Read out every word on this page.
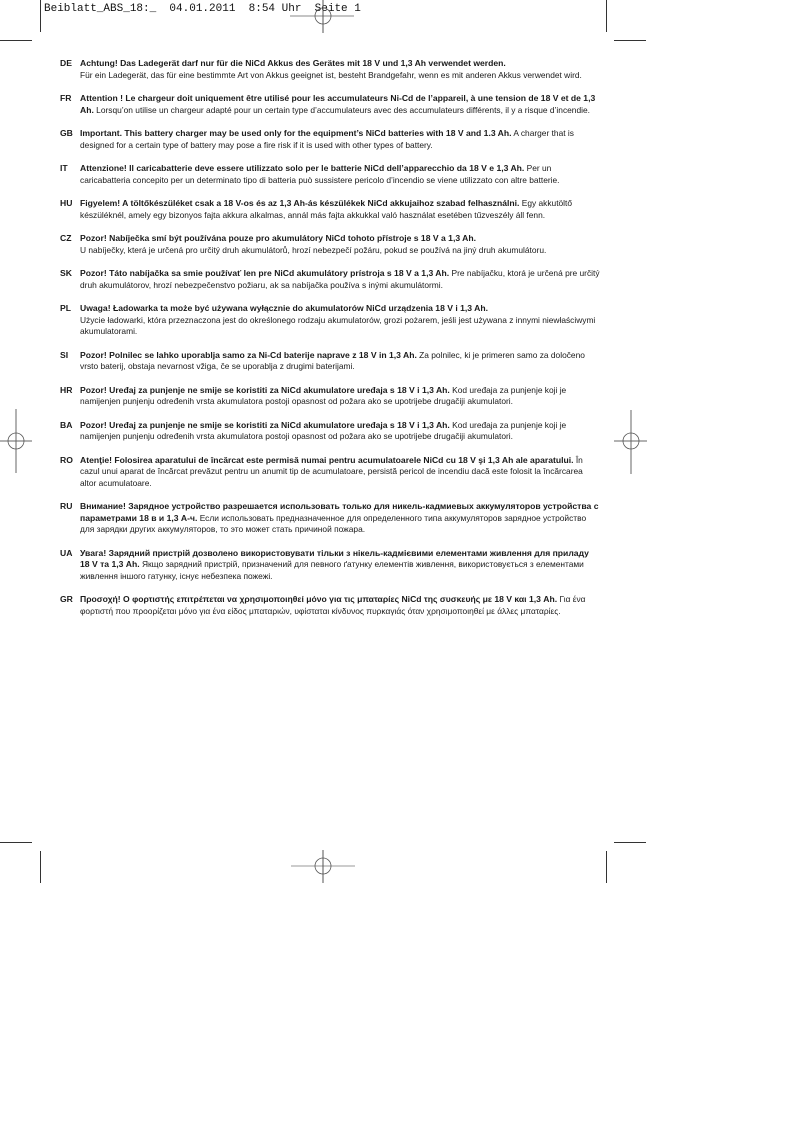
Beiblatt_ABS_18:_  04.01.2011  8:54 Uhr  Seite 1
DE Achtung! Das Ladegerät darf nur für die NiCd Akkus des Gerätes mit 18 V und 1,3 Ah verwendet werden.
Für ein Ladegerät, das für eine bestimmte Art von Akkus geeignet ist, besteht Brandgefahr, wenn es mit anderen Akkus verwendet wird.
FR Attention ! Le chargeur doit uniquement être utilisé pour les accumulateurs Ni-Cd de l’appareil, à une tension de 18 V et de 1,3 Ah. Lorsqu’on utilise un chargeur adapté pour un certain type d’accumulateurs avec des accumulateurs différents, il y a risque d’incendie.
GB Important. This battery charger may be used only for the equipment’s NiCd batteries with 18 V and 1.3 Ah. A charger that is designed for a certain type of battery may pose a fire risk if it is used with other types of battery.
IT Attenzione! Il caricabatterie deve essere utilizzato solo per le batterie NiCd dell’apparecchio da 18 V e 1,3 Ah. Per un caricabatteria concepito per un determinato tipo di batteria può sussistere pericolo d’incendio se viene utilizzato con altre batterie.
HU Figyelem! A töltőkészüléket csak a 18 V-os és az 1,3 Ah-ás készülékek NiCd akkujaihoz szabad felhasználni. Egy akkutöltő készüléknél, amely egy bizonyos fajta akkura alkalmas, annál más fajta akkukkal való használat esetében tűzveszély áll fenn.
CZ Pozor! Nabíječka smí být používána pouze pro akumulátory NiCd tohoto přístroje s 18 V a 1,3 Ah.
U nabíječky, která je určená pro určitý druh akumulátorů, hrozí nebezpečí požáru, pokud se používá na jiný druh akumulátoru.
SK Pozor! Táto nabíjačka sa smie používať len pre NiCd akumulátory prístroja s 18 V a 1,3 Ah. Pre nabíjačku, ktorá je určená pre určitý druh akumulátorov, hrozí nebezpečenstvo požiaru, ak sa nabíjačka používa s inými akumulátormi.
PL Uwaga! Ładowarka ta może być używana wyłącznie do akumulatorów NiCd urządzenia 18 V i 1,3 Ah.
Użycie ładowarki, która przeznaczona jest do określonego rodzaju akumulatorów, grozi pożarem, jeśli jest używana z innymi niewłaściwymi akumulatorami.
SI Pozor! Polnilec se lahko uporablja samo za Ni-Cd baterije naprave z 18 V in 1,3 Ah. Za polnilec, ki je primeren samo za določeno vrsto baterij, obstaja nevarnost vžiga, če se uporablja z drugimi baterijami.
HR Pozor! Uređaj za punjenje ne smije se koristiti za NiCd akumulatore uređaja s 18 V i 1,3 Ah. Kod uređaja za punjenje koji je namijenjen punjenju određenih vrsta akumulatora postoji opasnost od požara ako se upotrijebe drugačiji akumulatori.
BA Pozor! Uređaj za punjenje ne smije se koristiti za NiCd akumulatore uređaja s 18 V i 1,3 Ah. Kod uređaja za punjenje koji je namijenjen punjenju određenih vrsta akumulatora postoji opasnost od požara ako se upotrijebe drugačiji akumulatori.
RO Atenţie! Folosirea aparatului de încărcat este permisă numai pentru acumulatoarele NiCd cu 18 V şi 1,3 Ah ale aparatului. În cazul unui aparat de încărcat prevăzut pentru un anumit tip de acumulatoare, persistă pericol de incendiu dacă este folosit la încărcarea altor acumulatoare.
RU Внимание! Зарядное устройство разрешается использовать только для никель-кадмиевых аккумуляторов устройства с параметрами 18 в и 1,3 А-ч. Если использовать предназначенное для определенного типа аккумуляторов зарядное устройство для зарядки других аккумуляторов, то это может стать причиной пожара.
UA Увага! Зарядний пристрій дозволено використовувати тільки з нікель-кадмієвими елементами живлення для приладу 18 V та 1,3 Ah. Якщо зарядний пристрій, призначений для певного ґатунку елементів живлення, використовується з елементами живлення іншого гатунку, існує небезпека пожежі.
GR Προσοχή! Ο φορτιστής επιτρέπεται να χρησιμοποιηθεί μόνο για τις μπαταρίες NiCd της συσκευής με 18 V και 1,3 Ah. Για ένα φορτιστή που προορίζεται μόνο για ένα είδος μπαταριών, υφίσταται κίνδυνος πυρκαγιάς όταν χρησιμοποιηθεί με άλλες μπαταρίες.
